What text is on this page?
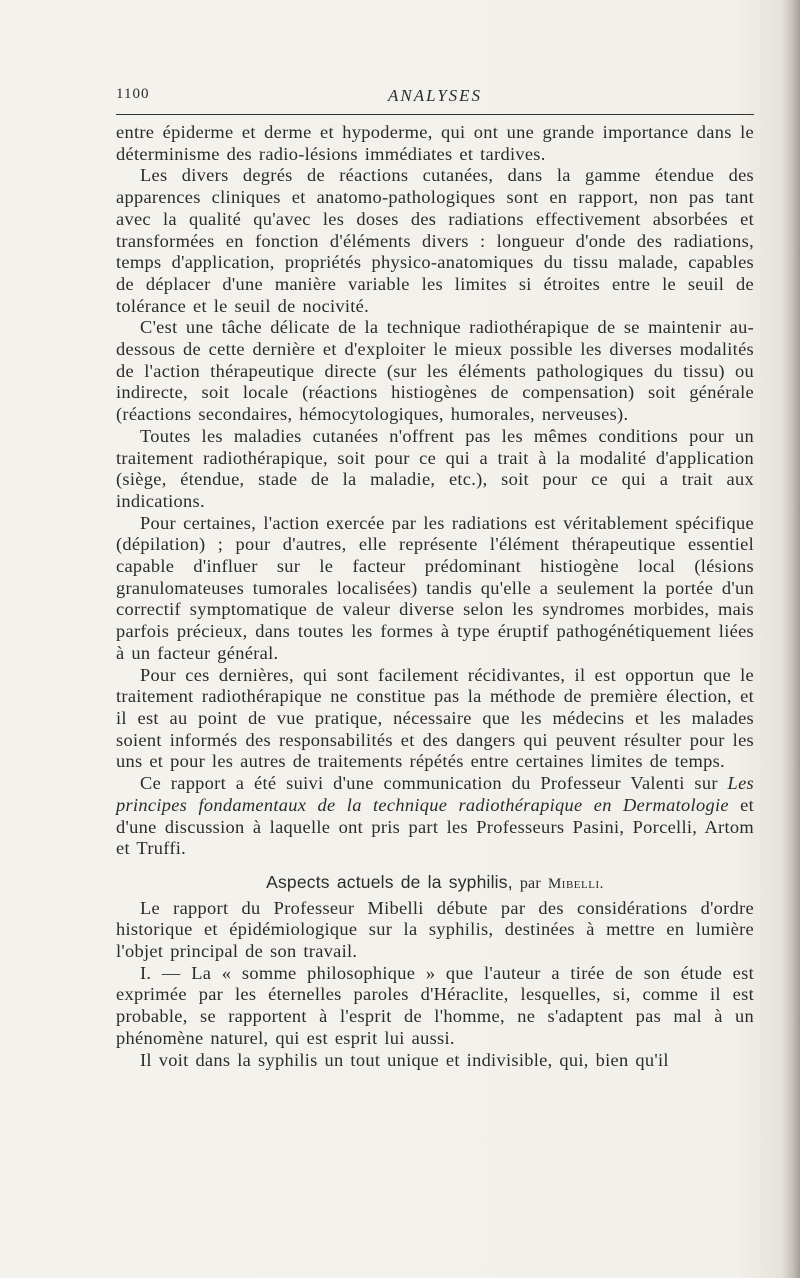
1100	ANALYSES

entre épiderme et derme et hypoderme, qui ont une grande importance dans le déterminisme des radio-lésions immédiates et tardives.

Les divers degrés de réactions cutanées, dans la gamme étendue des apparences cliniques et anatomo-pathologiques sont en rapport, non pas tant avec la qualité qu'avec les doses des radiations effectivement absorbées et transformées en fonction d'éléments divers : longueur d'onde des radiations, temps d'application, propriétés physico-anatomiques du tissu malade, capables de déplacer d'une manière variable les limites si étroites entre le seuil de tolérance et le seuil de nocivité.

C'est une tâche délicate de la technique radiothérapique de se maintenir au-dessous de cette dernière et d'exploiter le mieux possible les diverses modalités de l'action thérapeutique directe (sur les éléments pathologiques du tissu) ou indirecte, soit locale (réactions histiogènes de compensation) soit générale (réactions secondaires, hémocytologiques, humorales, nerveuses).

Toutes les maladies cutanées n'offrent pas les mêmes conditions pour un traitement radiothérapique, soit pour ce qui a trait à la modalité d'application (siège, étendue, stade de la maladie, etc.), soit pour ce qui a trait aux indications.

Pour certaines, l'action exercée par les radiations est véritablement spécifique (dépilation) ; pour d'autres, elle représente l'élément thérapeutique essentiel capable d'influer sur le facteur prédominant histiogène local (lésions granulomateuses tumorales localisées) tandis qu'elle a seulement la portée d'un correctif symptomatique de valeur diverse selon les syndromes morbides, mais parfois précieux, dans toutes les formes à type éruptif pathogénétiquement liées à un facteur général.

Pour ces dernières, qui sont facilement récidivantes, il est opportun que le traitement radiothérapique ne constitue pas la méthode de première élection, et il est au point de vue pratique, nécessaire que les médecins et les malades soient informés des responsabilités et des dangers qui peuvent résulter pour les uns et pour les autres de traitements répétés entre certaines limites de temps.

Ce rapport a été suivi d'une communication du Professeur Valenti sur Les principes fondamentaux de la technique radiothérapique en Dermatologie et d'une discussion à laquelle ont pris part les Professeurs Pasini, Porcelli, Artom et Truffi.

Aspects actuels de la syphilis, par Mibelli.

Le rapport du Professeur Mibelli débute par des considérations d'ordre historique et épidémiologique sur la syphilis, destinées à mettre en lumière l'objet principal de son travail.

I. — La « somme philosophique » que l'auteur a tirée de son étude est exprimée par les éternelles paroles d'Héraclite, lesquelles, si, comme il est probable, se rapportent à l'esprit de l'homme, ne s'adaptent pas mal à un phénomène naturel, qui est esprit lui aussi.

Il voit dans la syphilis un tout unique et indivisible, qui, bien qu'il
